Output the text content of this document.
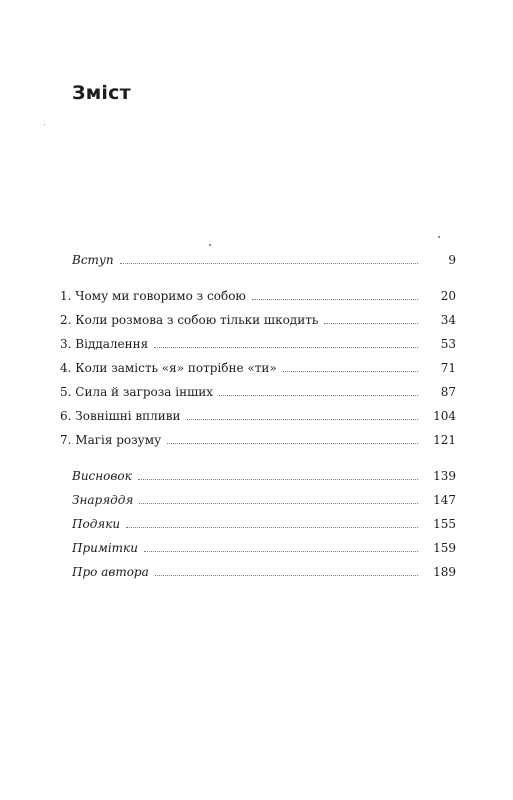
Зміст
Вступ	9
1. Чому ми говоримо з собою	20
2. Коли розмова з собою тільки шкодить	34
3. Віддалення	53
4. Коли замість «я» потрібне «ти»	71
5. Сила й загроза інших	87
6. Зовнішні впливи	104
7. Магія розуму	121
Висновок	139
Знаряддя	147
Подяки	155
Примітки	159
Про автора	189
